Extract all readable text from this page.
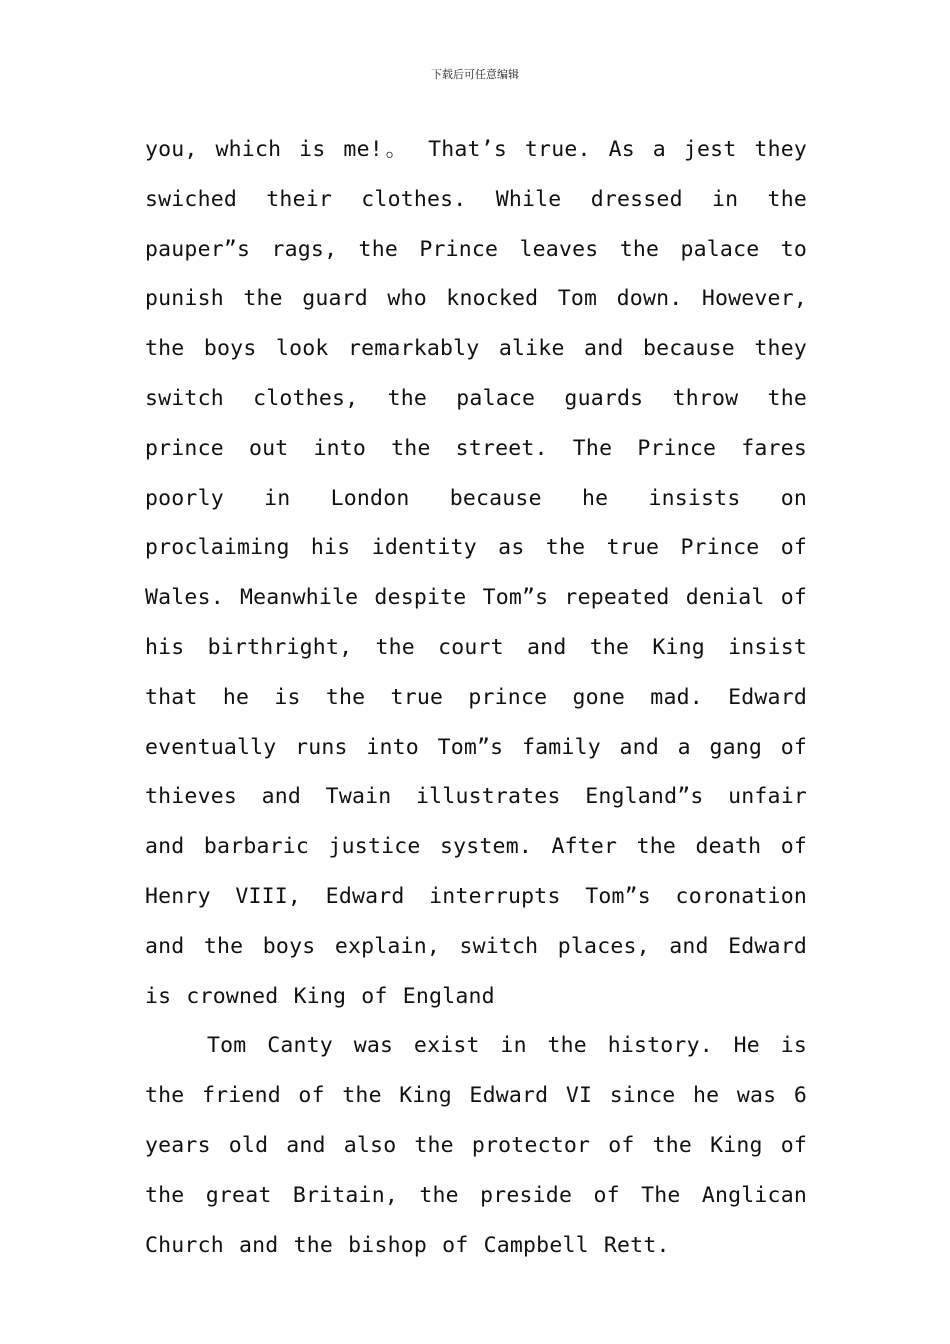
下载后可任意编辑

you, which is me!。 That’s true. As a jest they swiched their clothes. While dressed in the pauper”s rags, the Prince leaves the palace to punish the guard who knocked Tom down. However, the boys look remarkably alike and because they switch clothes, the palace guards throw the prince out into the street. The Prince fares poorly in London because he insists on proclaiming his identity as the true Prince of Wales. Meanwhile despite Tom”s repeated denial of his birthright, the court and the King insist that he is the true prince gone mad. Edward eventually runs into Tom”s family and a gang of thieves and Twain illustrates England”s unfair and barbaric justice system. After the death of Henry VIII, Edward interrupts Tom”s coronation and the boys explain, switch places, and Edward is crowned King of England

Tom Canty was exist in the history. He is the friend of the King Edward VI since he was 6 years old and also the protector of the King of the great Britain, the preside of The Anglican Church and the bishop of Campbell Rett.
